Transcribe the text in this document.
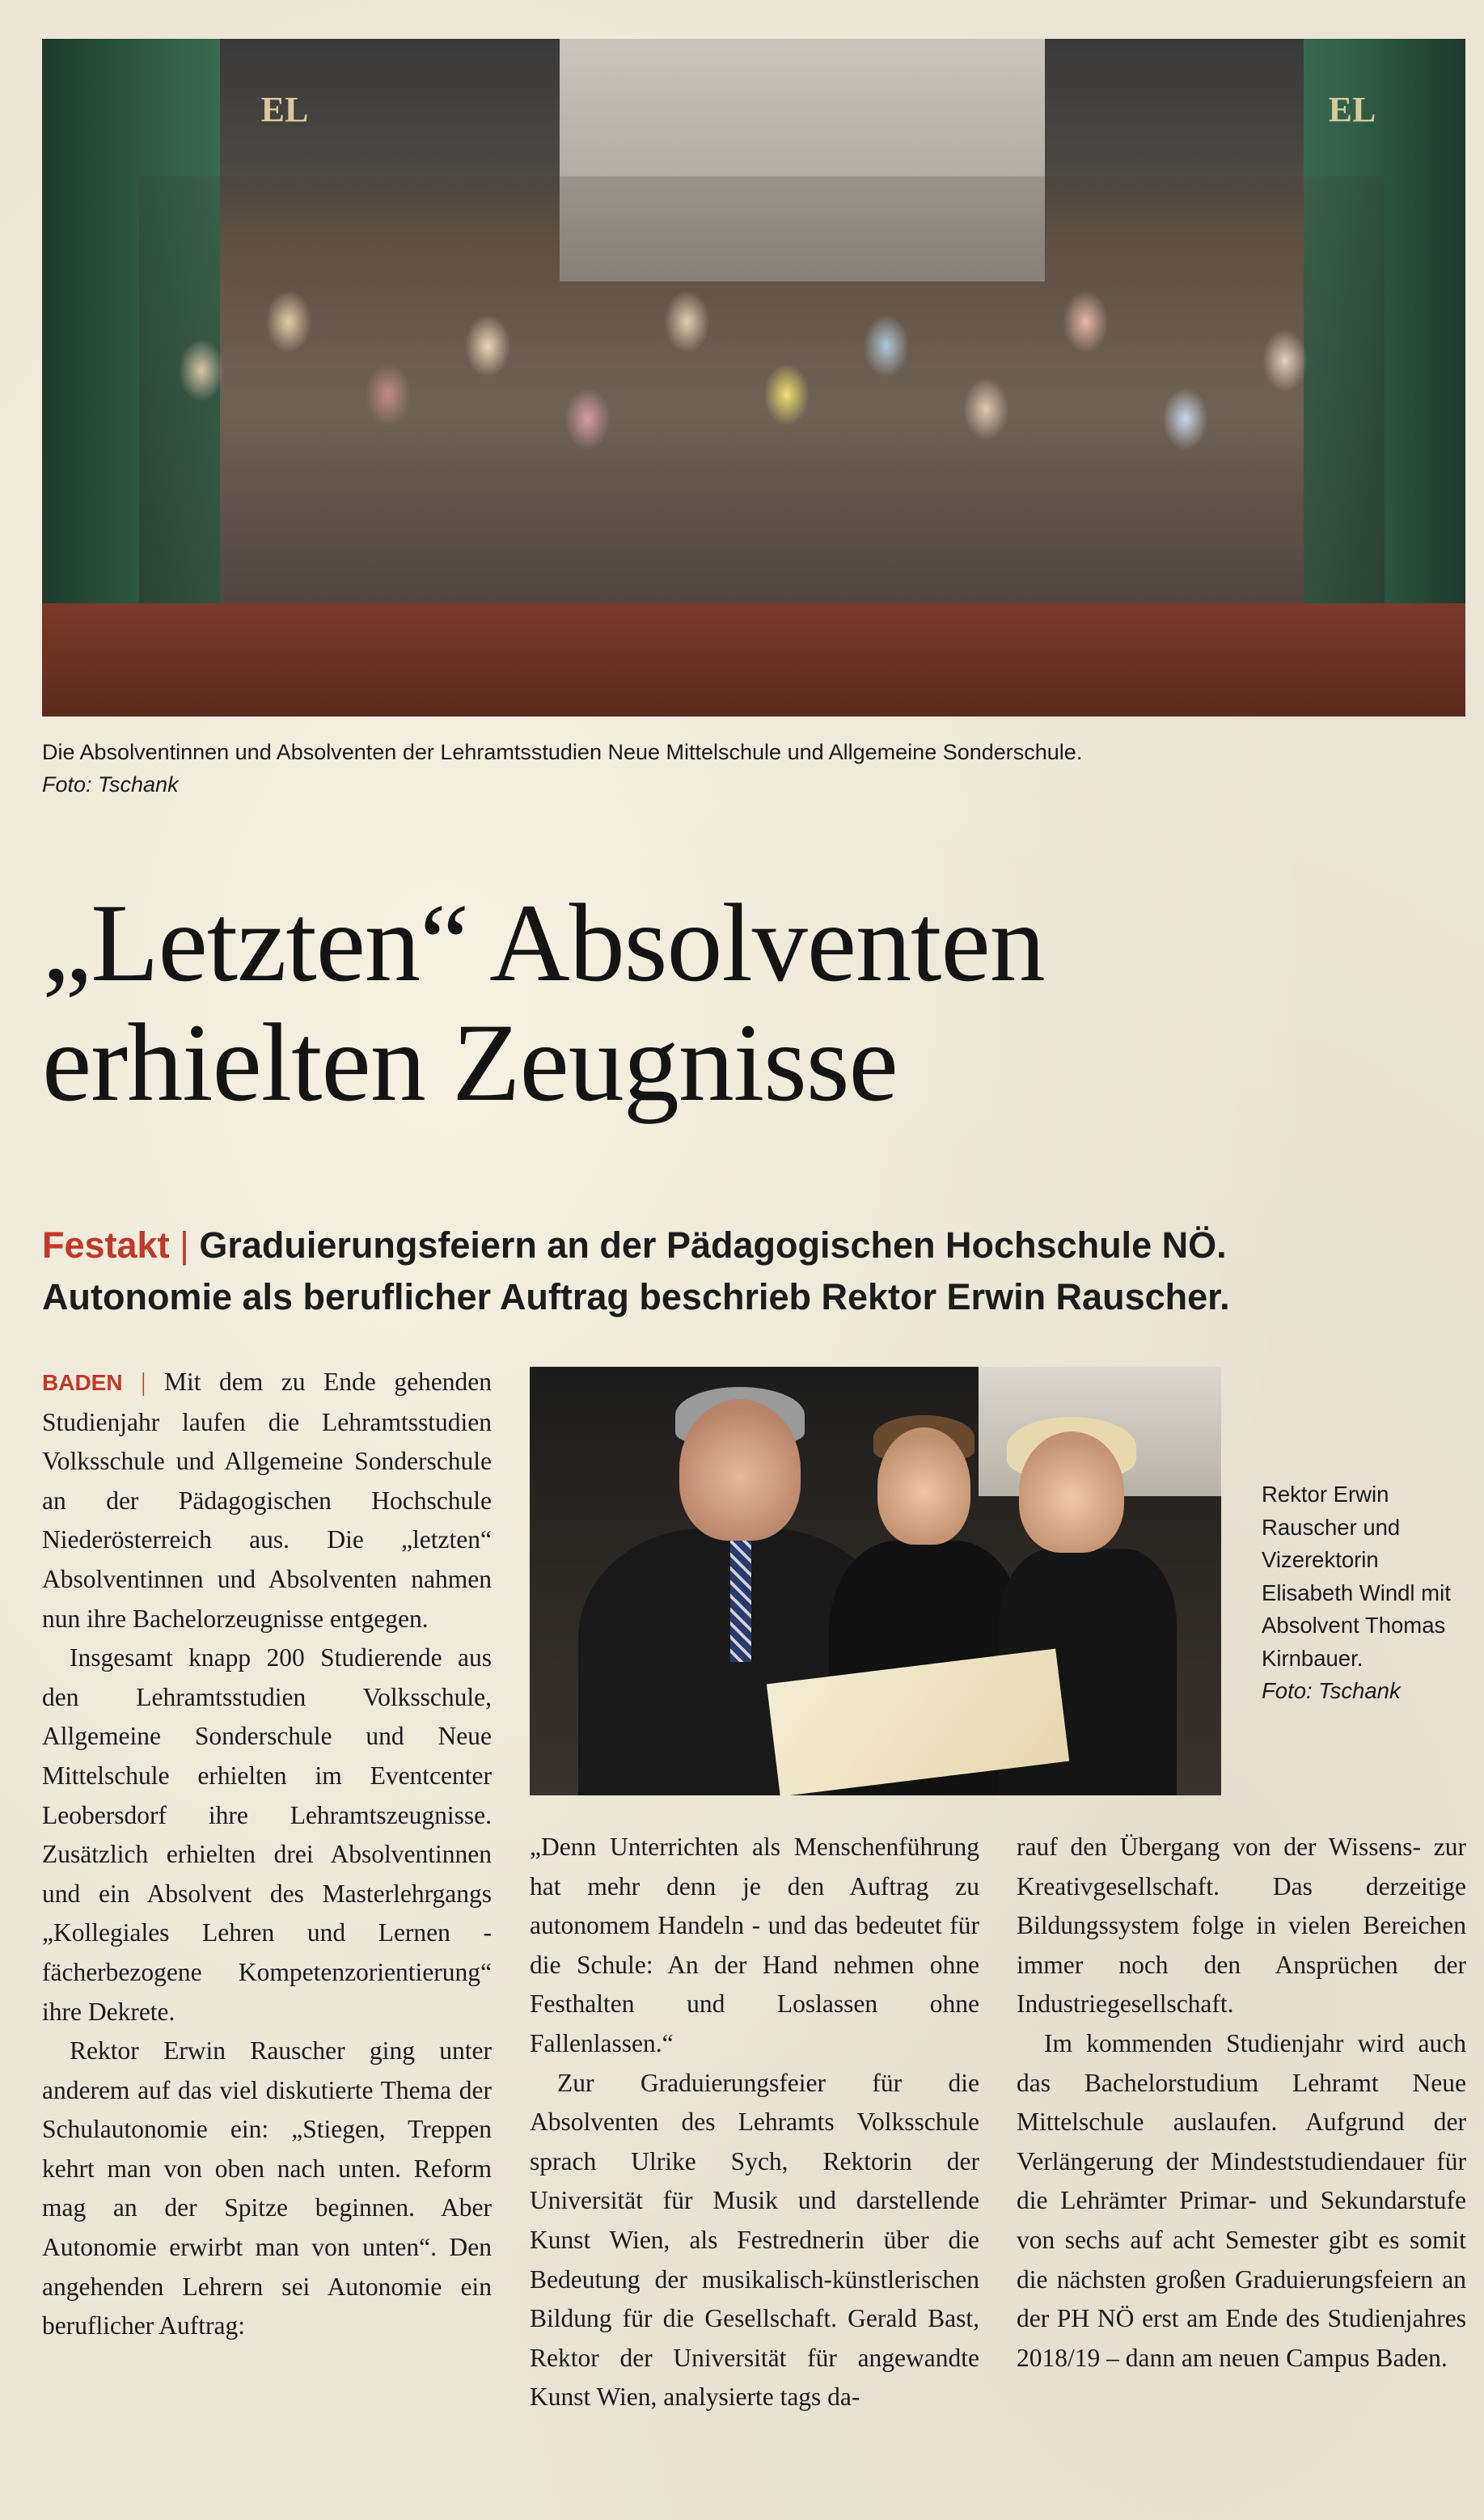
EL	EL
Die Absolventinnen und Absolventen der Lehramtsstudien Neue Mittelschule und Allgemeine Sonderschule.
Foto: Tschank
„Letzten“ Absolventen
erhielten Zeugnisse
Festakt | Graduierungsfeiern an der Pädagogischen Hochschule NÖ.
Autonomie als beruflicher Auftrag beschrieb Rektor Erwin Rauscher.

BADEN | Mit dem zu Ende gehenden Studienjahr laufen die Lehramtsstudien Volksschule und Allgemeine Sonderschule an der Pädagogischen Hochschule Niederösterreich aus. Die „letzten“ Absolventinnen und Absolventen nahmen nun ihre Bachelorzeugnisse entgegen.

Insgesamt knapp 200 Studierende aus den Lehramtsstudien Volksschule, Allgemeine Sonderschule und Neue Mittelschule erhielten im Eventcenter Leobersdorf ihre Lehramtszeugnisse. Zusätzlich erhielten drei Absolventinnen und ein Absolvent des Masterlehrgangs „Kollegiales Lehren und Lernen - fächerbezogene Kompetenzorientierung“ ihre Dekrete.

Rektor Erwin Rauscher ging unter anderem auf das viel diskutierte Thema der Schulautonomie ein: „Stiegen, Treppen kehrt man von oben nach unten. Reform mag an der Spitze beginnen. Aber Autonomie erwirbt man von unten“. Den angehenden Lehrern sei Autonomie ein beruflicher Auftrag:

Rektor Erwin Rauscher und Vizerektorin Elisabeth Windl mit Absolvent Thomas Kirnbauer.
Foto: Tschank

„Denn Unterrichten als Menschenführung hat mehr denn je den Auftrag zu autonomem Handeln - und das bedeutet für die Schule: An der Hand nehmen ohne Festhalten und Loslassen ohne Fallenlassen.“

Zur Graduierungsfeier für die Absolventen des Lehramts Volksschule sprach Ulrike Sych, Rektorin der Universität für Musik und darstellende Kunst Wien, als Festrednerin über die Bedeutung der musikalisch-künstlerischen Bildung für die Gesellschaft. Gerald Bast, Rektor der Universität für angewandte Kunst Wien, analysierte tags da-

rauf den Übergang von der Wissens- zur Kreativgesellschaft. Das derzeitige Bildungssystem folge in vielen Bereichen immer noch den Ansprüchen der Industriegesellschaft.

Im kommenden Studienjahr wird auch das Bachelorstudium Lehramt Neue Mittelschule auslaufen. Aufgrund der Verlängerung der Mindeststudiendauer für die Lehrämter Primar- und Sekundarstufe von sechs auf acht Semester gibt es somit die nächsten großen Graduierungsfeiern an der PH NÖ erst am Ende des Studienjahres 2018/19 – dann am neuen Campus Baden.
